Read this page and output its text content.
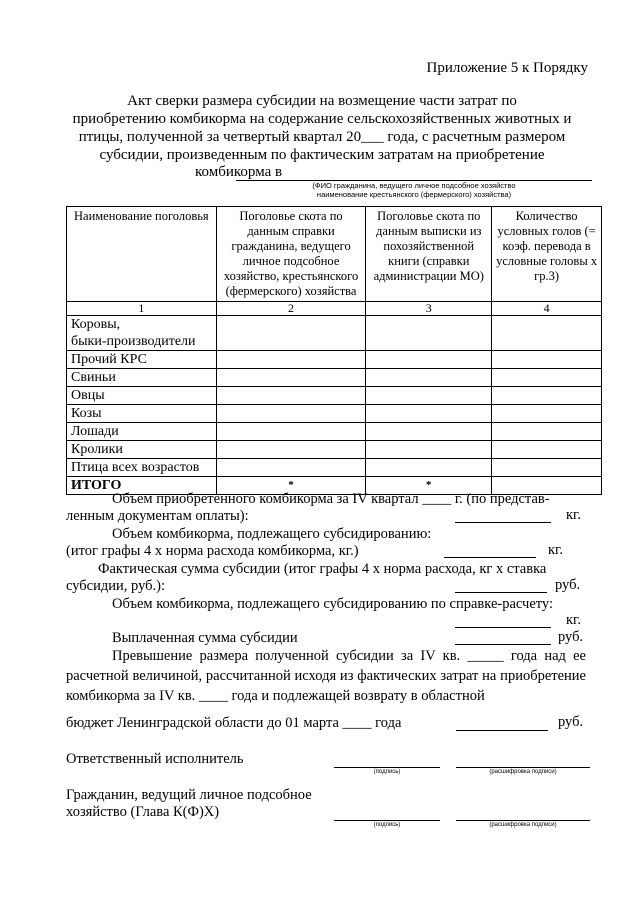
Приложение 5 к Порядку
Акт сверки размера субсидии на возмещение части затрат по
приобретению комбикорма на содержание сельскохозяйственных животных и
птицы, полученной за четвертый квартал 20___ года, с расчетным размером
субсидии, произведенным по фактическим затратам на приобретение
комбикорма в
(ФИО гражданина, ведущего личное подсобное хозяйство
наименование крестьянского (фермерского) хозяйства)
Наименование поголовья	Поголовье скота по данным справки гражданина, ведущего личное подсобное хозяйство, крестьянского (фермерского) хозяйства	Поголовье скота по данным выписки из похозяйственной книги (справки администрации МО)	Количество условных голов (= коэф. перевода в условные головы х гр.3)
1	2	3	4
Коровы,
быки-производители			
Прочий КРС			
Свиньи			
Овцы			
Козы			
Лошади			
Кролики			
Птица всех возрастов			
ИТОГО	*	*	
Объем приобретенного комбикорма за IV квартал ____ г. (по представ-
ленным документам оплаты):	кг.
Объем комбикорма, подлежащего субсидированию:
(итог графы 4 х норма расхода комбикорма, кг.)	кг.
Фактическая сумма субсидии (итог графы 4 х норма расхода, кг х ставка
субсидии, руб.):	руб.
Объем комбикорма, подлежащего субсидированию по справке-расчету:
кг.
Выплаченная сумма субсидии	руб.
Превышение размера полученной субсидии за IV кв. _____ года над ее расчетной величиной, рассчитанной исходя из фактических затрат на приобретение комбикорма за IV кв. ____ года и подлежащей возврату в областной
бюджет Ленинградской области до 01 марта ____ года	руб.
Ответственный исполнитель
(подпись)	(расшифровка подписи)
Гражданин, ведущий личное подсобное
хозяйство (Глава К(Ф)Х)
(подпись)	(расшифровка подписи)
